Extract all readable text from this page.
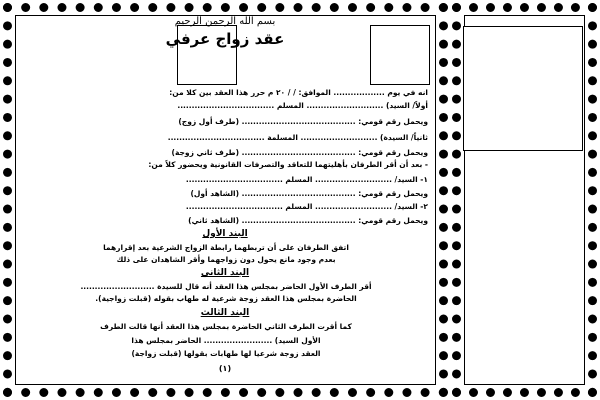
بسم الله الرحمن الرحيم
عقد زواج عرفي
انه في يوم .................. الموافق: / / ٢٠ م حرر هذا العقد بين كلا من:
أولاً/ السيد) ........................... المسلم ..................................
ويحمل رقم قومي: ........................................ (طرف أول زوج)
ثانياً/ السيدة) ........................... المسلمة ..................................
ويحمل رقم قومي: ........................................ (طرف ثاني زوجة)
- بعد أن أقر الطرفان بأهليتهما للتعاقد والتصرفات القانونية ويحضور كلاً من:
١- السيد/ ........................... المسلم ..................................
ويحمل رقم قومي: ........................................ (الشاهد أول)
٢- السيد/ ........................... المسلم ..................................
ويحمل رقم قومي: ........................................ (الشاهد ثاني)
البند الأول
اتفق الطرفان على أن تربطهما رابطة الزواج الشرعية بعد إقرارهما
بعدم وجود مانع يحول دون زواجهما وأقر الشاهدان على ذلك
البند الثاني
أقر الطرف الأول الحاضر بمجلس هذا العقد أنه قال للسيدة ..........................
الحاضرة بمجلس هذا العقد زوجة شرعية له طهاب بقوله (قبلت زواجية).
البند الثالث
كما أقرت الطرف الثاني الحاضرة بمجلس هذا العقد أنها قالت الطرف
الأول السيد) ........................ الحاضر بمجلس هذا
العقد زوجة شرعيا لها طهابات بقولها (قبلت زواجة)
(١)
